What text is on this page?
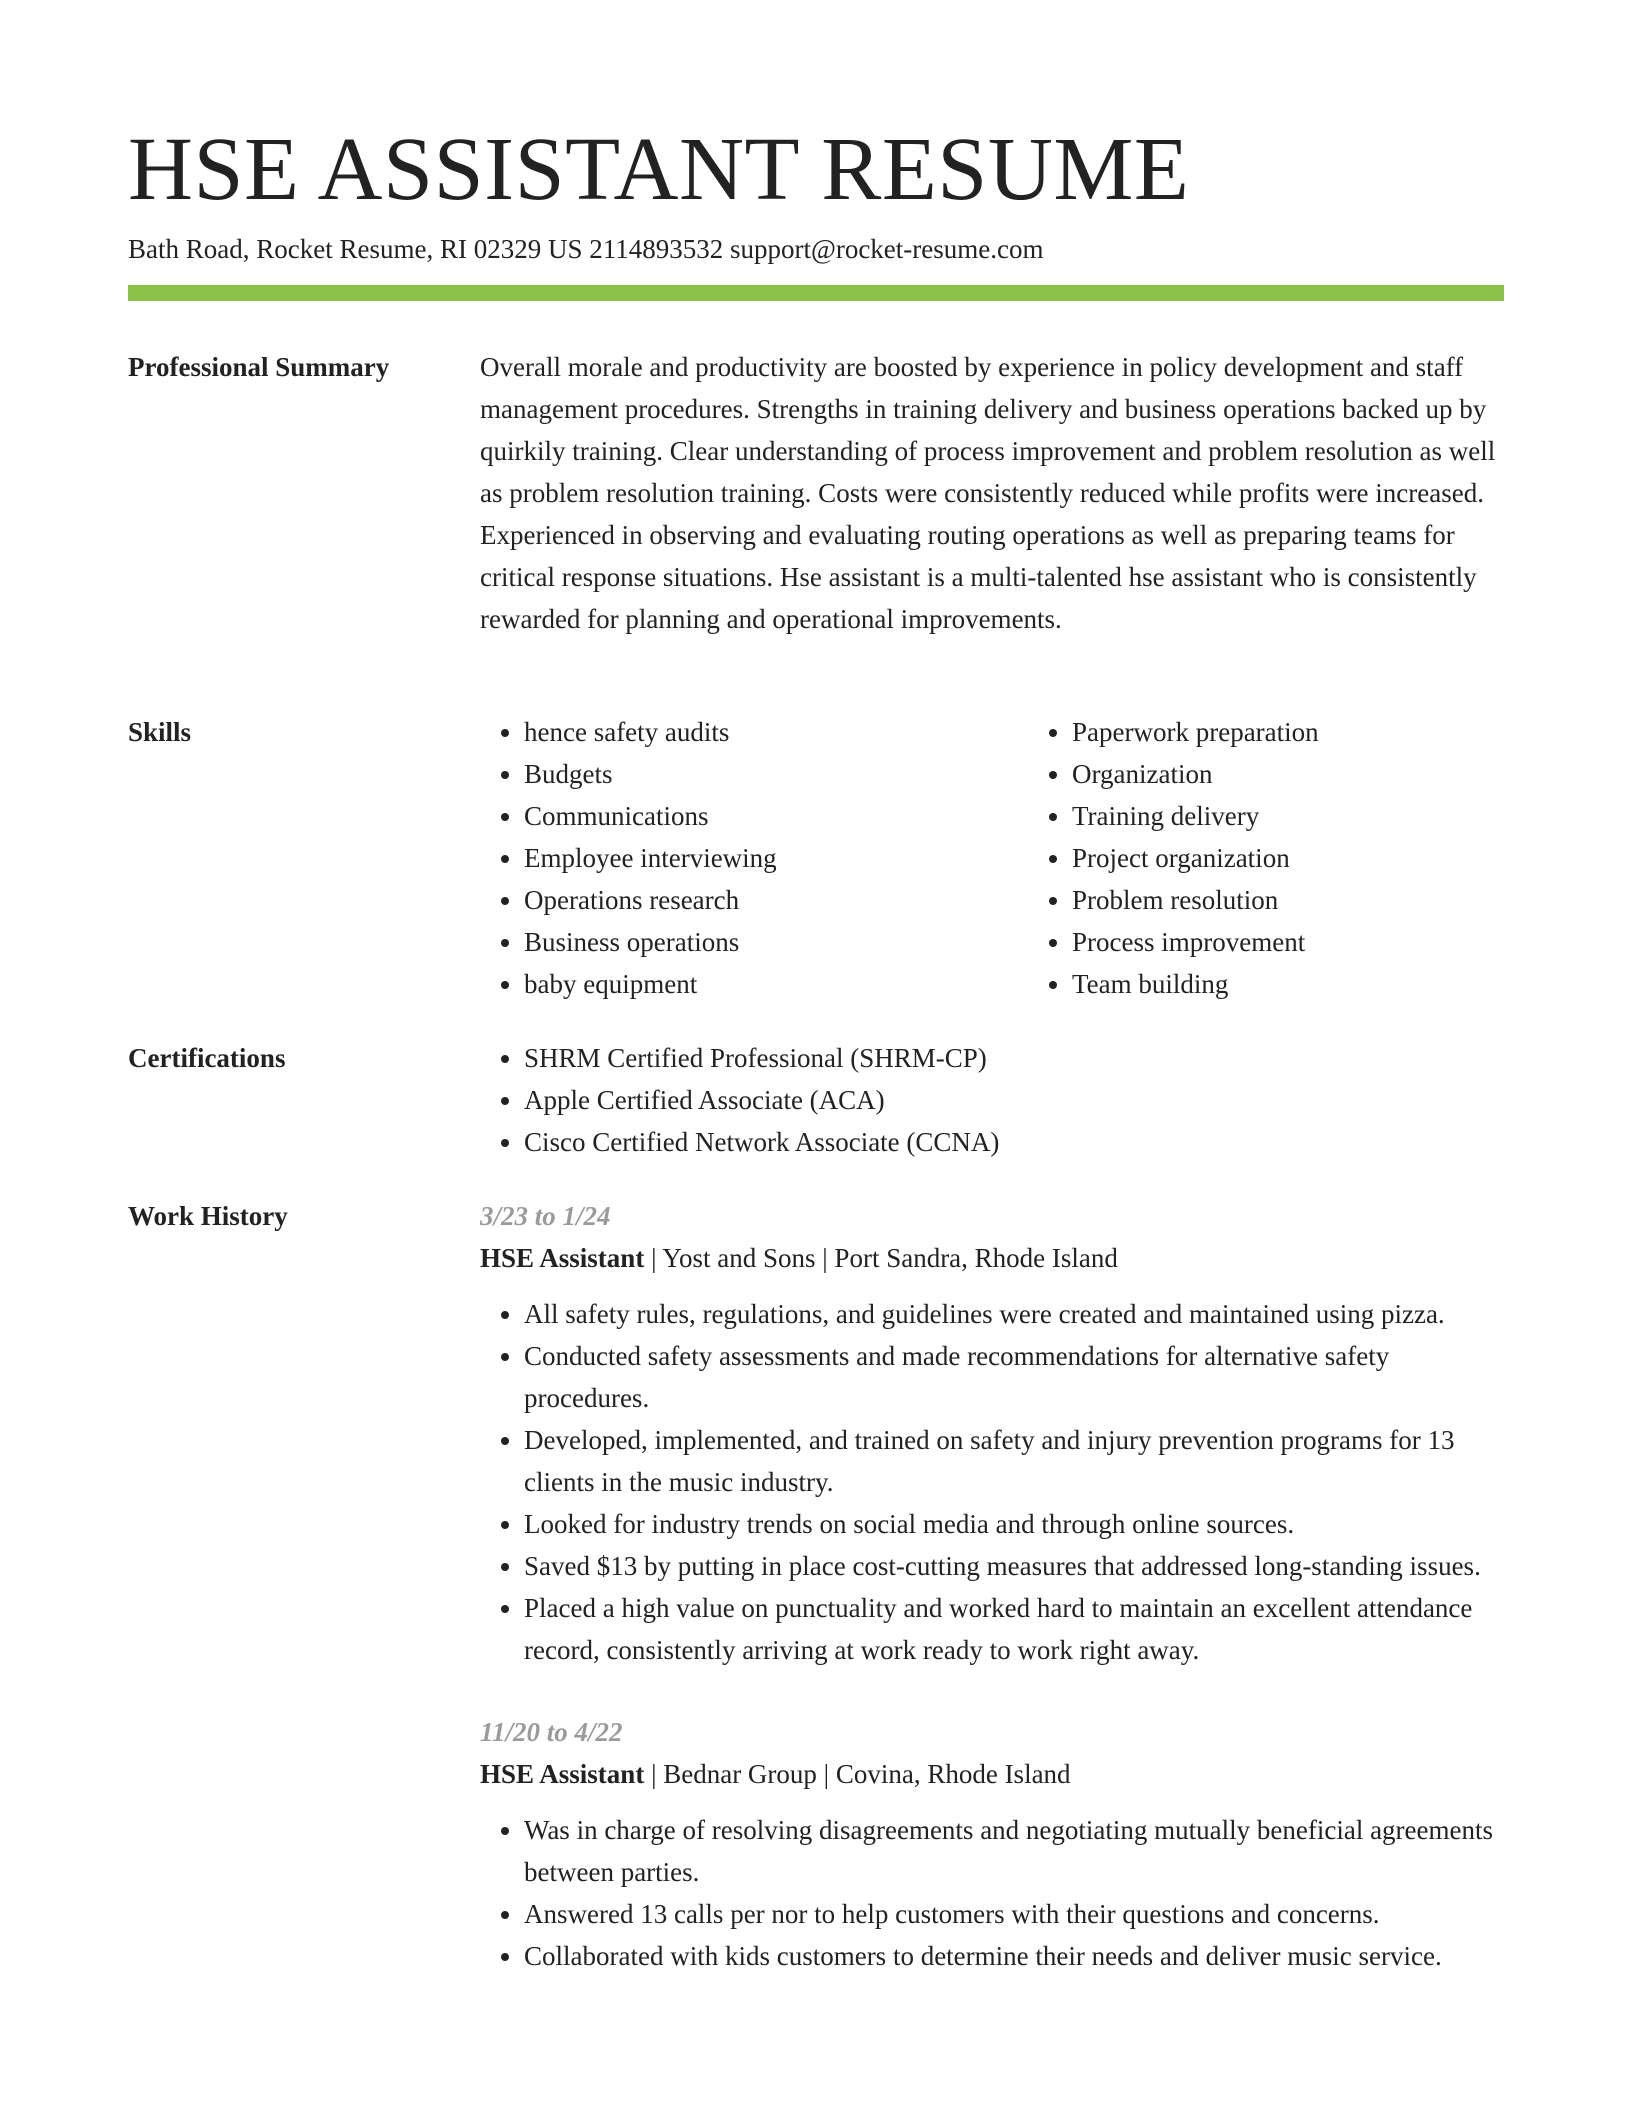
HSE ASSISTANT RESUME
Bath Road, Rocket Resume, RI 02329 US 2114893532 support@rocket-resume.com
Professional Summary	Overall morale and productivity are boosted by experience in policy development and staff management procedures. Strengths in training delivery and business operations backed up by quirkily training. Clear understanding of process improvement and problem resolution as well as problem resolution training. Costs were consistently reduced while profits were increased. Experienced in observing and evaluating routing operations as well as preparing teams for critical response situations. Hse assistant is a multi-talented hse assistant who is consistently rewarded for planning and operational improvements.

Skills	• hence safety audits
• Budgets
• Communications
• Employee interviewing
• Operations research
• Business operations
• baby equipment
• Paperwork preparation
• Organization
• Training delivery
• Project organization
• Problem resolution
• Process improvement
• Team building
Certifications	• SHRM Certified Professional (SHRM-CP)
• Apple Certified Associate (ACA)
• Cisco Certified Network Associate (CCNA)
Work History	3/23 to 1/24
HSE Assistant | Yost and Sons | Port Sandra, Rhode Island
• All safety rules, regulations, and guidelines were created and maintained using pizza.
• Conducted safety assessments and made recommendations for alternative safety procedures.
• Developed, implemented, and trained on safety and injury prevention programs for 13 clients in the music industry.
• Looked for industry trends on social media and through online sources.
• Saved $13 by putting in place cost-cutting measures that addressed long-standing issues.
• Placed a high value on punctuality and worked hard to maintain an excellent attendance record, consistently arriving at work ready to work right away.
11/20 to 4/22
HSE Assistant | Bednar Group | Covina, Rhode Island
• Was in charge of resolving disagreements and negotiating mutually beneficial agreements between parties.
• Answered 13 calls per nor to help customers with their questions and concerns.
• Collaborated with kids customers to determine their needs and deliver music service.
